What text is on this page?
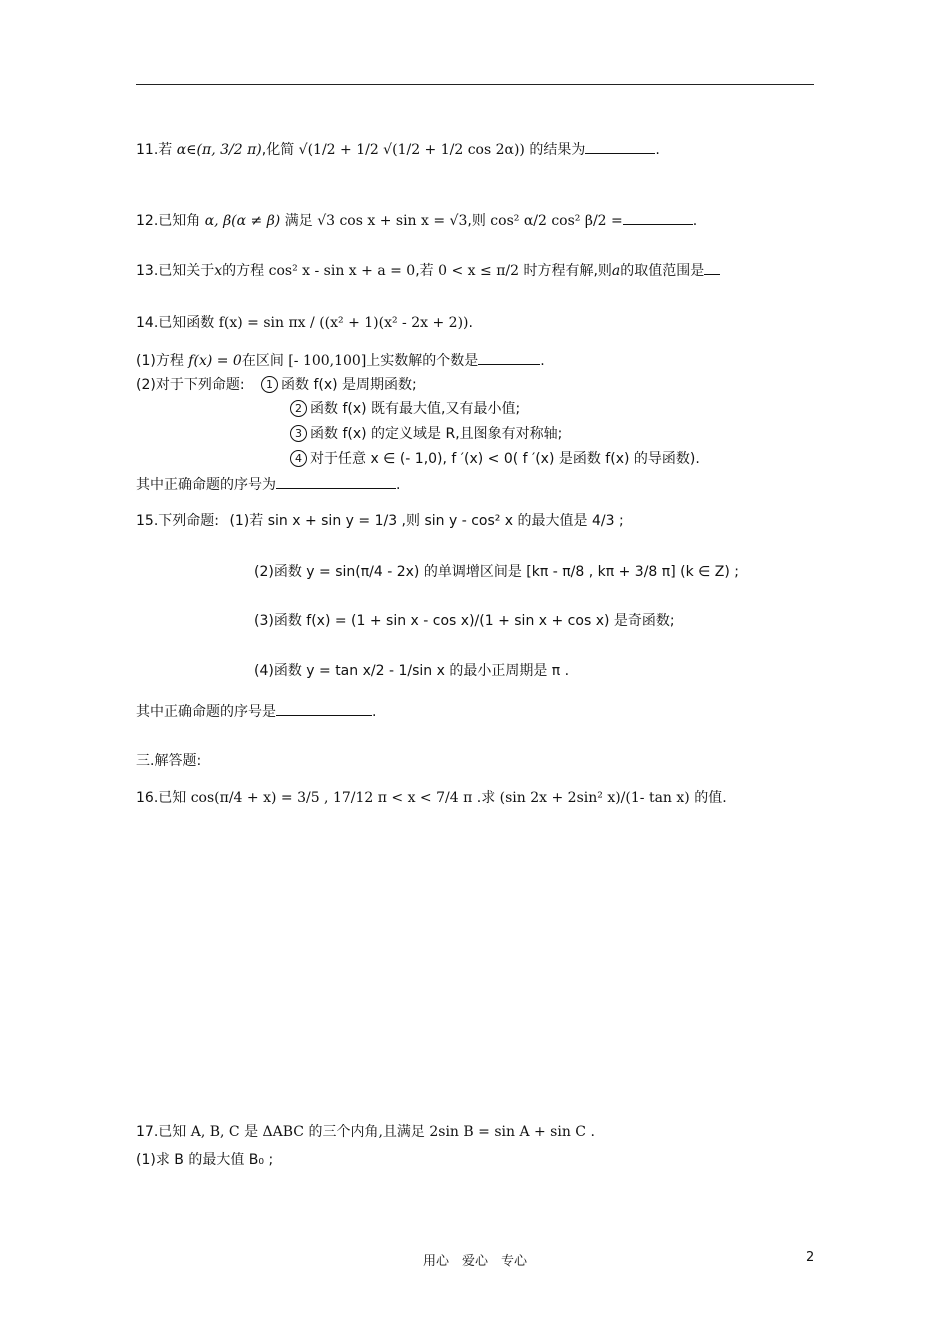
11.若 α∈(π, 3/2 π),化简 √(1/2 + 1/2 √(1/2 + 1/2 cos 2α)) 的结果为	.
12.已知角 α, β(α ≠ β) 满足 √3 cos x + sin x = √3,则 cos² α/2 cos² β/2 =	.
13.已知关于x的方程 cos² x - sin x + a = 0,若 0 < x ≤ π/2 时方程有解,则a的取值范围是
14.已知函数 f(x) = sin πx / ((x² + 1)(x² - 2x + 2)).
(1)方程 f(x) = 0在区间 [- 100,100]上实数解的个数是	.
(2)对于下列命题: 1 函数 f(x) 是周期函数;
2 函数 f(x) 既有最大值,又有最小值;
3 函数 f(x) 的定义域是 R,且图象有对称轴;
4 对于任意 x ∈ (- 1,0), f ′(x) < 0( f ′(x) 是函数 f(x) 的导函数).
其中正确命题的序号为	.
15.下列命题: (1)若 sin x + sin y = 1/3 ,则 sin y - cos² x 的最大值是 4/3 ;
(2)函数 y = sin(π/4 - 2x) 的单调增区间是 [kπ - π/8 , kπ + 3/8 π] (k ∈ Z) ;
(3)函数 f(x) = (1 + sin x - cos x)/(1 + sin x + cos x) 是奇函数;
(4)函数 y = tan x/2 - 1/sin x 的最小正周期是 π .
其中正确命题的序号是	.
三.解答题:
16.已知 cos(π/4 + x) = 3/5 , 17/12 π < x < 7/4 π .求 (sin 2x + 2sin² x)/(1- tan x) 的值.
17.已知 A, B, C 是 ΔABC 的三个内角,且满足 2sin B = sin A + sin C .
(1)求 B 的最大值 B₀ ;
用心　爱心　专心	2
